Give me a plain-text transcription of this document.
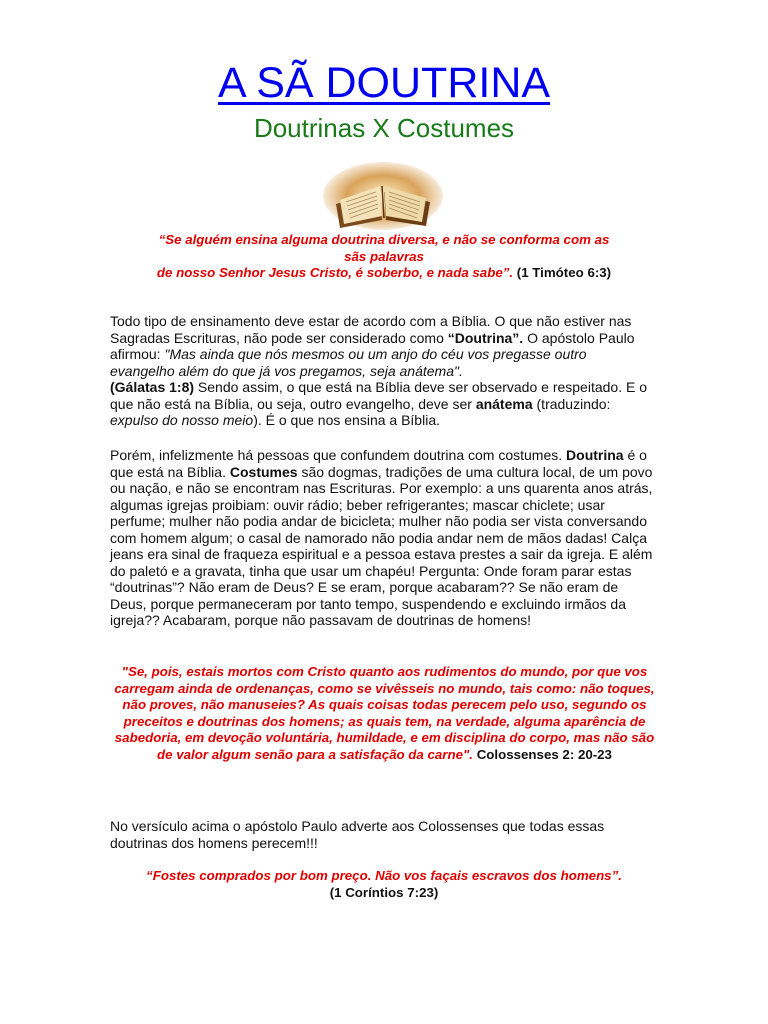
A SÃ DOUTRINA
Doutrinas X Costumes
“Se alguém ensina alguma doutrina diversa, e não se conforma com as
sãs palavras
de nosso Senhor Jesus Cristo, é soberbo, e nada sabe”. (1 Timóteo 6:3)

Todo tipo de ensinamento deve estar de acordo com a Bíblia. O que não estiver nas Sagradas Escrituras, não pode ser considerado como “Doutrina”. O apóstolo Paulo afirmou: "Mas ainda que nós mesmos ou um anjo do céu vos pregasse outro evangelho além do que já vos pregamos, seja anátema".
(Gálatas 1:8) Sendo assim, o que está na Bíblia deve ser observado e respeitado. E o que não está na Bíblia, ou seja, outro evangelho, deve ser anátema (traduzindo: expulso do nosso meio). É o que nos ensina a Bíblia.

Porém, infelizmente há pessoas que confundem doutrina com costumes. Doutrina é o que está na Bíblia. Costumes são dogmas, tradições de uma cultura local, de um povo ou nação, e não se encontram nas Escrituras. Por exemplo: a uns quarenta anos atrás, algumas igrejas proibiam: ouvir rádio; beber refrigerantes; mascar chiclete; usar perfume; mulher não podia andar de bicicleta; mulher não podia ser vista conversando com homem algum; o casal de namorado não podia andar nem de mãos dadas! Calça jeans era sinal de fraqueza espiritual e a pessoa estava prestes a sair da igreja. E além do paletó e a gravata, tinha que usar um chapéu! Pergunta: Onde foram parar estas “doutrinas”? Não eram de Deus? E se eram, porque acabaram?? Se não eram de Deus, porque permaneceram por tanto tempo, suspendendo e excluindo irmãos da igreja?? Acabaram, porque não passavam de doutrinas de homens!

"Se, pois, estais mortos com Cristo quanto aos rudimentos do mundo, por que vos carregam ainda de ordenanças, como se vivêsseis no mundo, tais como: não toques, não proves, não manuseies? As quais coisas todas perecem pelo uso, segundo os preceitos e doutrinas dos homens; as quais tem, na verdade, alguma aparência de sabedoria, em devoção voluntária, humildade, e em disciplina do corpo, mas não são de valor algum senão para a satisfação da carne". Colossenses 2: 20-23

No versículo acima o apóstolo Paulo adverte aos Colossenses que todas essas doutrinas dos homens perecem!!!

“Fostes comprados por bom preço. Não vos façais escravos dos homens”.
(1 Coríntios 7:23)
